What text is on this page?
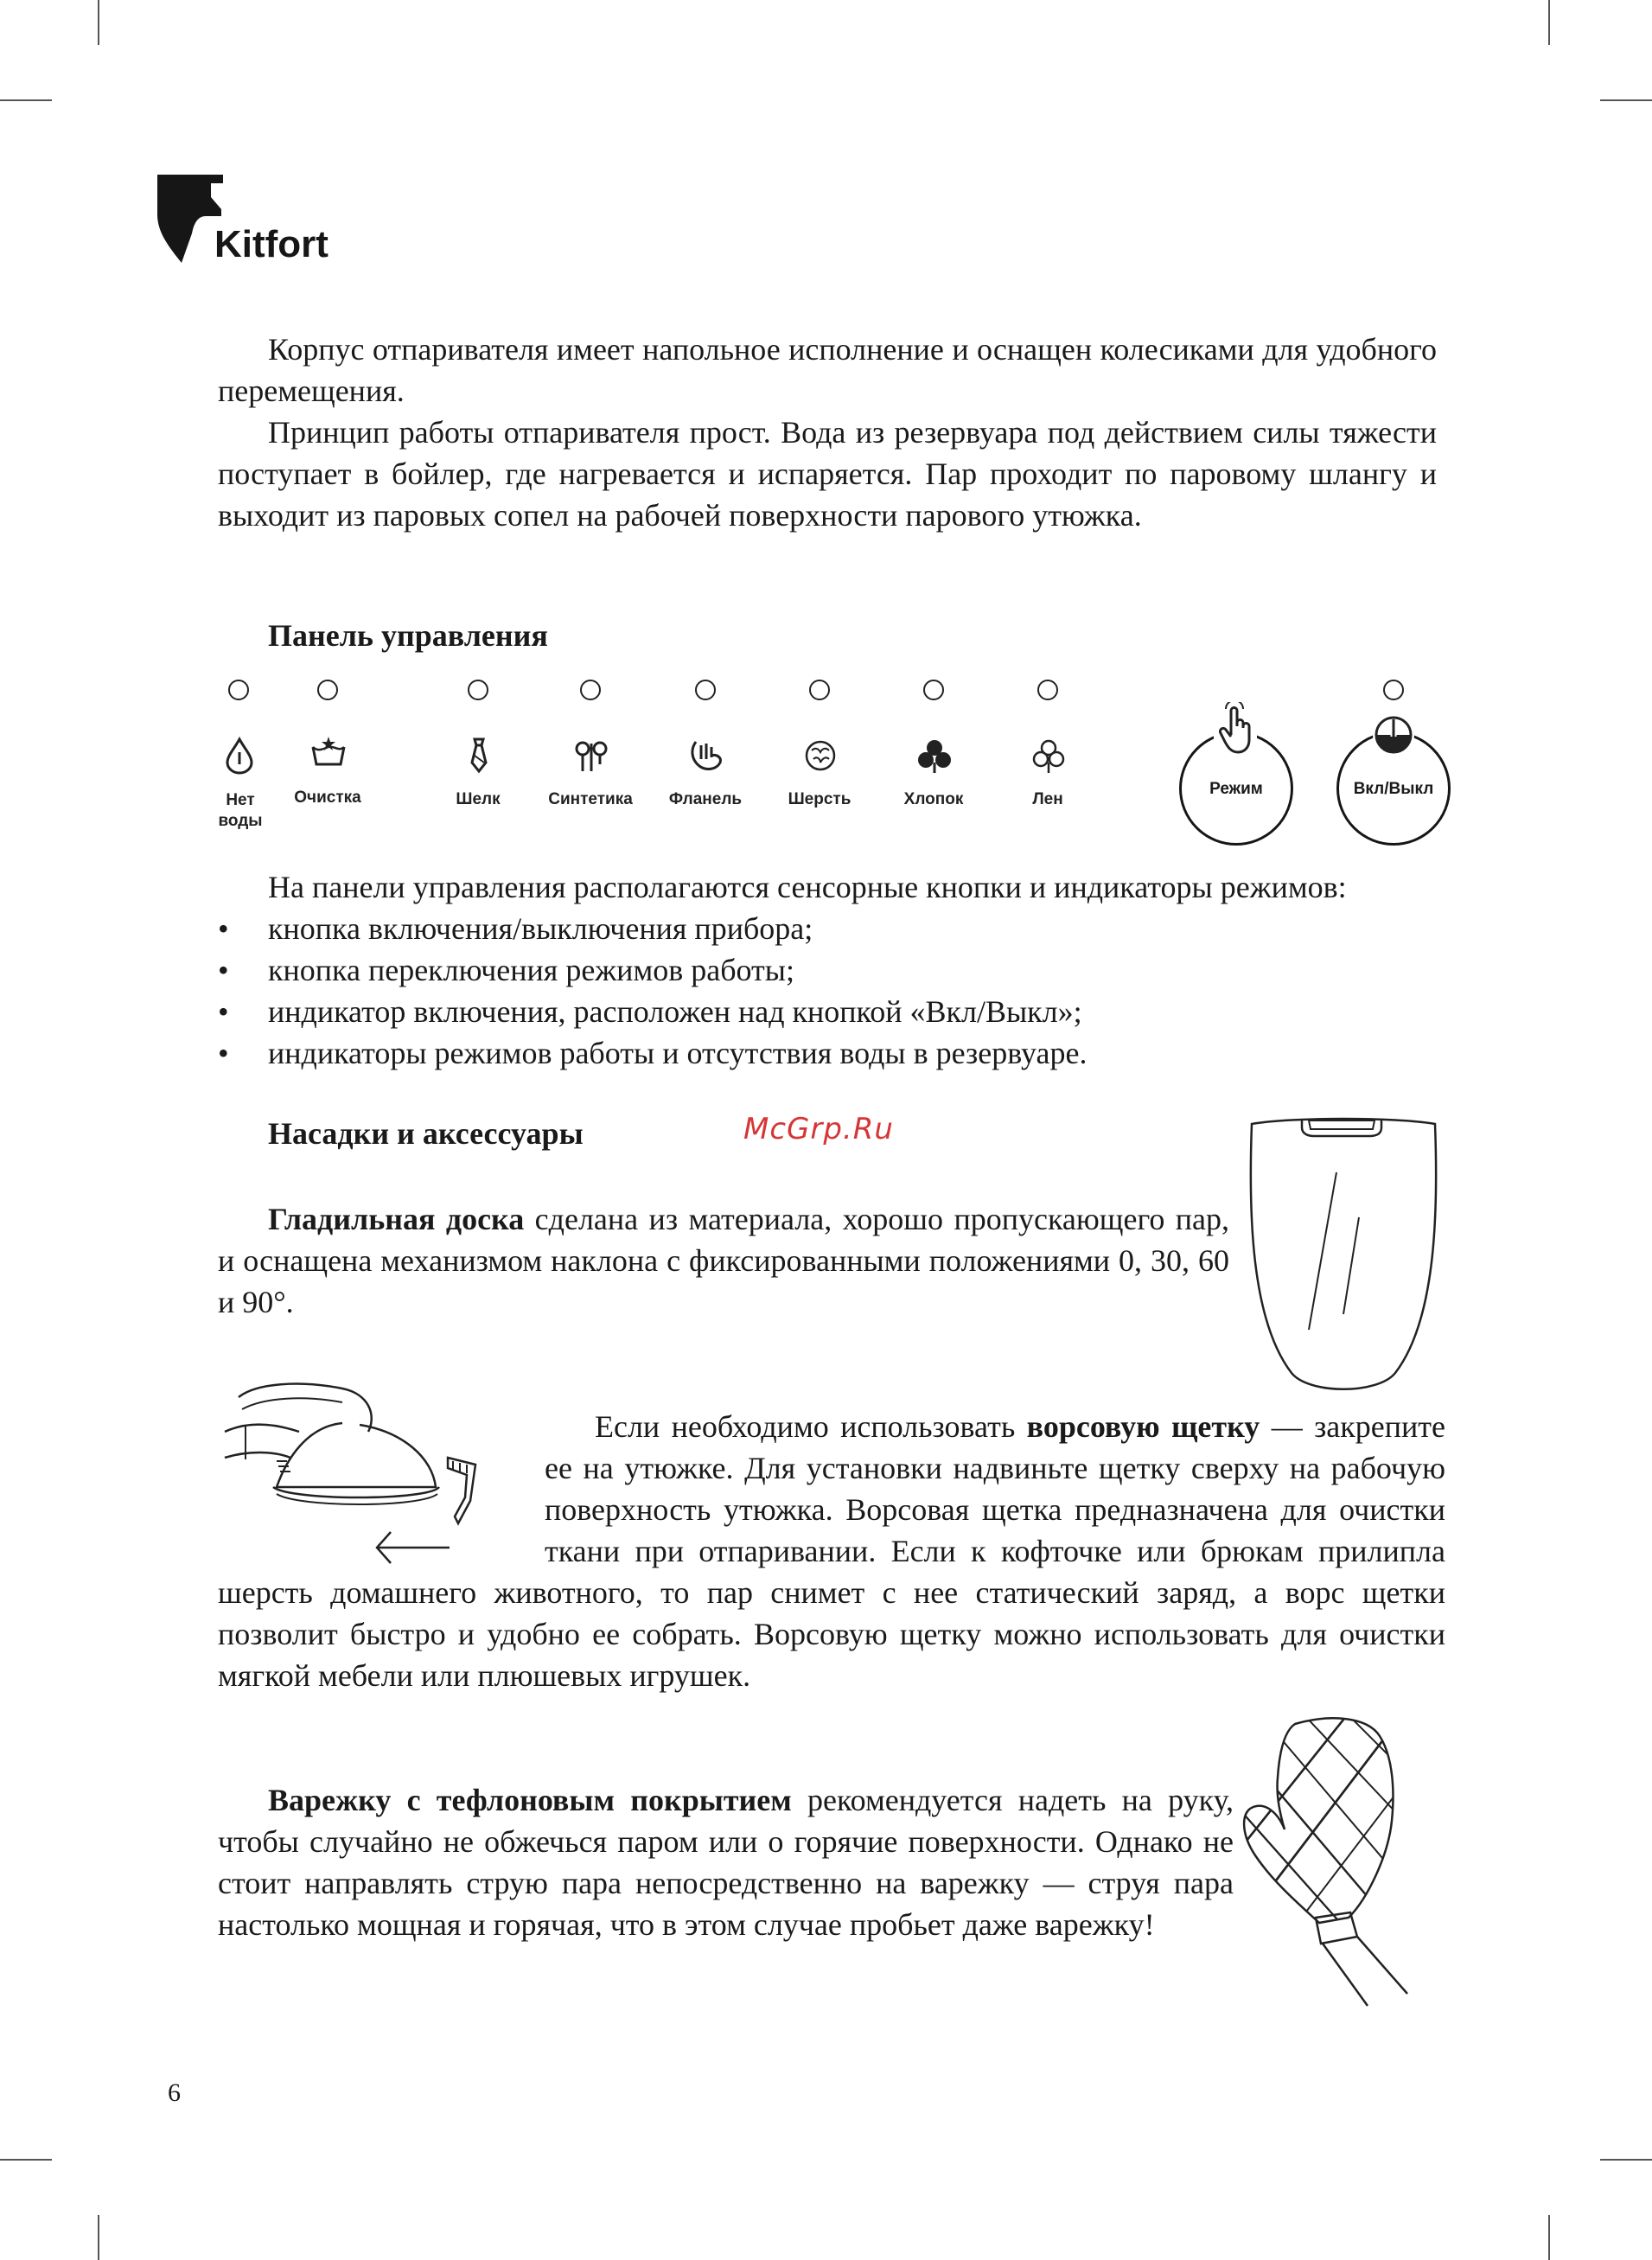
Kitfort

Корпус отпаривателя имеет напольное исполнение и оснащен колесиками для удобного перемещения.

Принцип работы отпаривателя прост. Вода из резервуара под действием силы тяжести поступает в бойлер, где нагревается и испаряется. Пар проходит по паровому шлангу и выходит из паровых сопел на рабочей поверхности парового утюжка.

Панель управления
Нет
воды
Очистка	Шелк	Синтетика	Фланель	Шерсть	Хлопок	Лен
Режим	Вкл/Выкл

На панели управления располагаются сенсорные кнопки и индикаторы режимов:

• кнопка включения/выключения прибора;
• кнопка переключения режимов работы;
• индикатор включения, расположен над кнопкой «Вкл/Выкл»;
• индикаторы режимов работы и отсутствия воды в резервуаре.
Насадки и аксессуары	McGrp.Ru

Гладильная доска сделана из материала, хорошо пропускающего пар, и оснащена механизмом наклона с фиксированными положениями 0, 30, 60 и 90°.

Если необходимо использовать ворсовую щетку — закрепите ее на утюжке. Для установки надвиньте щетку сверху на рабочую поверхность утюжка. Ворсовая щетка предназначена для очистки ткани при отпаривании. Если к кофточке или брюкам прилипла шерсть домашнего животного, то пар снимет с нее статический заряд, а ворс щетки позволит быстро и удобно ее собрать. Ворсовую щетку можно использовать для очистки мягкой мебели или плюшевых игрушек.

Варежку с тефлоновым покрытием рекомендуется надеть на руку, чтобы случайно не обжечься паром или о горячие поверхности. Однако не стоит направлять струю пара непосредственно на варежку — струя пара настолько мощная и горячая, что в этом случае пробьет даже варежку!

6
